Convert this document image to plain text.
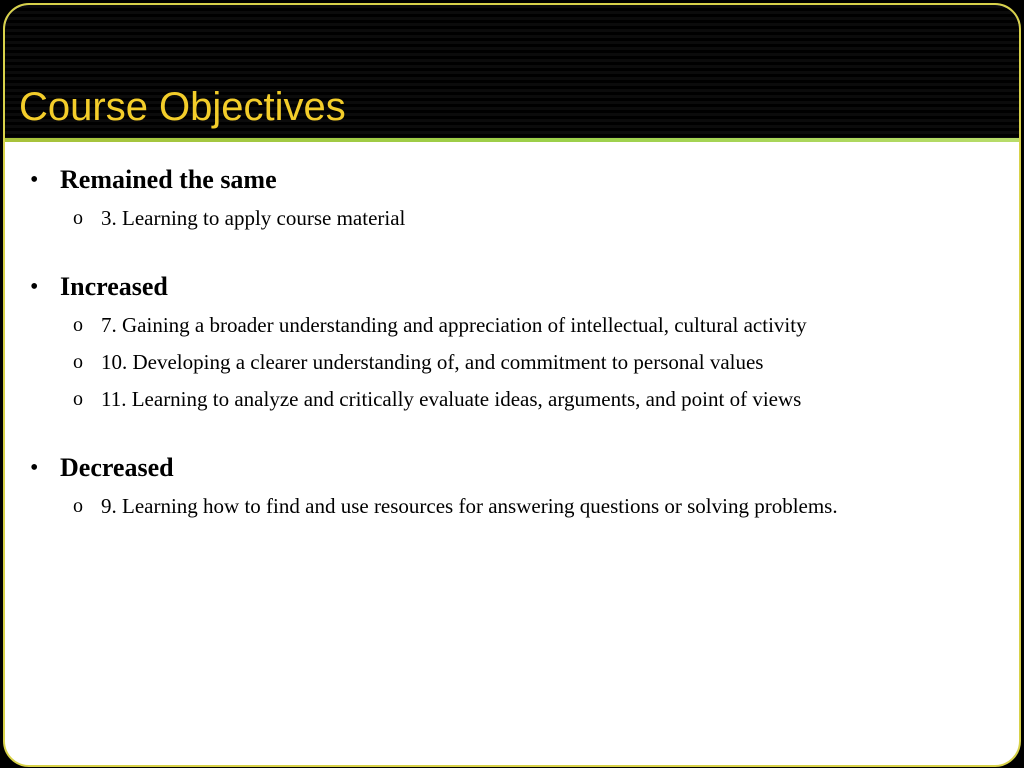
Course Objectives
• Remained the same
o 3. Learning to apply course material
• Increased
o 7. Gaining a broader understanding and appreciation of intellectual, cultural activity
o 10. Developing a clearer understanding of, and commitment to personal values
o 11. Learning to analyze and critically evaluate ideas, arguments, and point of views
• Decreased
o 9. Learning how to find and use resources for answering questions or solving problems.
